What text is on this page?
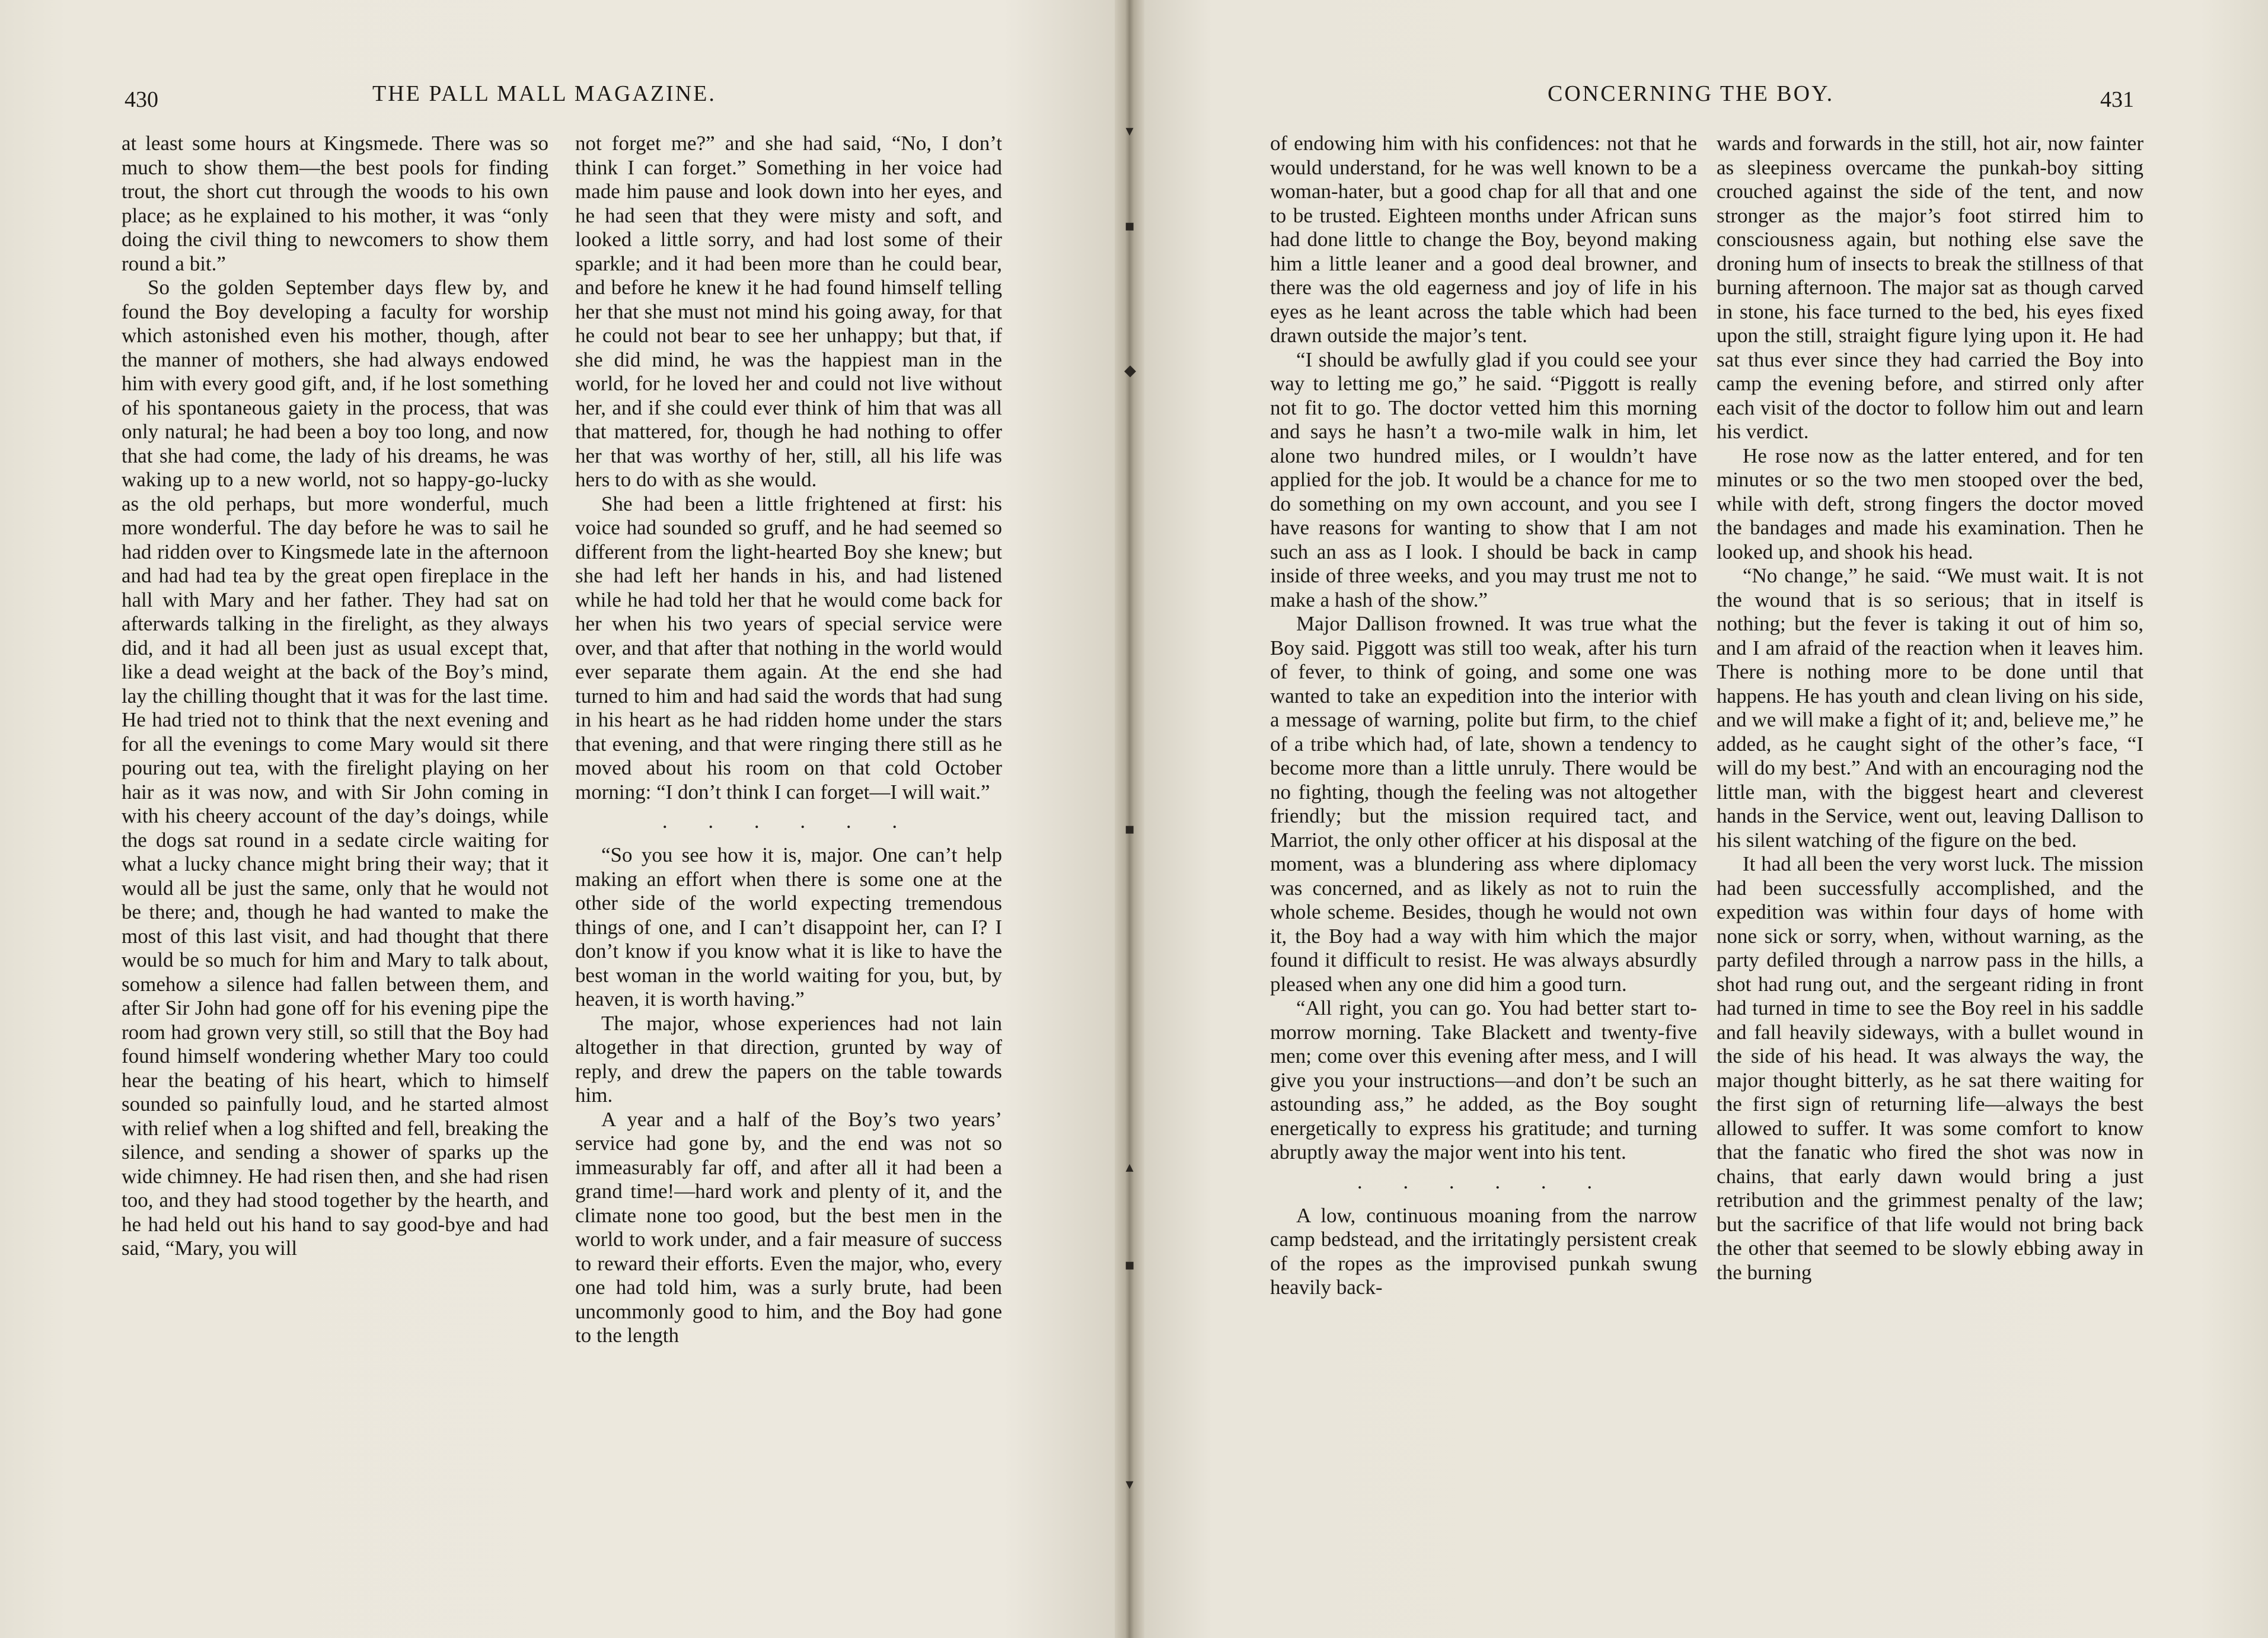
430	THE PALL MALL MAGAZINE.

at least some hours at Kingsmede. There was so much to show them—the best pools for finding trout, the short cut through the woods to his own place; as he explained to his mother, it was “only doing the civil thing to newcomers to show them round a bit.”

So the golden September days flew by, and found the Boy developing a faculty for worship which astonished even his mother, though, after the manner of mothers, she had always endowed him with every good gift, and, if he lost something of his spontaneous gaiety in the process, that was only natural; he had been a boy too long, and now that she had come, the lady of his dreams, he was waking up to a new world, not so happy-go-lucky as the old perhaps, but more wonderful, much more wonderful. The day before he was to sail he had ridden over to Kingsmede late in the afternoon and had had tea by the great open fireplace in the hall with Mary and her father. They had sat on afterwards talking in the firelight, as they always did, and it had all been just as usual except that, like a dead weight at the back of the Boy’s mind, lay the chilling thought that it was for the last time. He had tried not to think that the next evening and for all the evenings to come Mary would sit there pouring out tea, with the firelight playing on her hair as it was now, and with Sir John coming in with his cheery account of the day’s doings, while the dogs sat round in a sedate circle waiting for what a lucky chance might bring their way; that it would all be just the same, only that he would not be there; and, though he had wanted to make the most of this last visit, and had thought that there would be so much for him and Mary to talk about, somehow a silence had fallen between them, and after Sir John had gone off for his evening pipe the room had grown very still, so still that the Boy had found himself wondering whether Mary too could hear the beating of his heart, which to himself sounded so painfully loud, and he started almost with relief when a log shifted and fell, breaking the silence, and sending a shower of sparks up the wide chimney. He had risen then, and she had risen too, and they had stood together by the hearth, and he had held out his hand to say good-bye and had said, “Mary, you will

not forget me?” and she had said, “No, I don’t think I can forget.” Something in her voice had made him pause and look down into her eyes, and he had seen that they were misty and soft, and looked a little sorry, and had lost some of their sparkle; and it had been more than he could bear, and before he knew it he had found himself telling her that she must not mind his going away, for that he could not bear to see her unhappy; but that, if she did mind, he was the happiest man in the world, for he loved her and could not live without her, and if she could ever think of him that was all that mattered, for, though he had nothing to offer her that was worthy of her, still, all his life was hers to do with as she would.

She had been a little frightened at first: his voice had sounded so gruff, and he had seemed so different from the light-hearted Boy she knew; but she had left her hands in his, and had listened while he had told her that he would come back for her when his two years of special service were over, and that after that nothing in the world would ever separate them again. At the end she had turned to him and had said the words that had sung in his heart as he had ridden home under the stars that evening, and that were ringing there still as he moved about his room on that cold October morning: “I don’t think I can forget—I will wait.”

. . . . . .

“So you see how it is, major. One can’t help making an effort when there is some one at the other side of the world expecting tremendous things of one, and I can’t disappoint her, can I? I don’t know if you know what it is like to have the best woman in the world waiting for you, but, by heaven, it is worth having.”

The major, whose experiences had not lain altogether in that direction, grunted by way of reply, and drew the papers on the table towards him.

A year and a half of the Boy’s two years’ service had gone by, and the end was not so immeasurably far off, and after all it had been a grand time!—hard work and plenty of it, and the climate none too good, but the best men in the world to work under, and a fair measure of success to reward their efforts. Even the major, who, every one had told him, was a surly brute, had been uncommonly good to him, and the Boy had gone to the length

▾
▪
◆
▪
▴
▪
▾
CONCERNING THE BOY.	431

of endowing him with his confidences: not that he would understand, for he was well known to be a woman-hater, but a good chap for all that and one to be trusted. Eighteen months under African suns had done little to change the Boy, beyond making him a little leaner and a good deal browner, and there was the old eagerness and joy of life in his eyes as he leant across the table which had been drawn outside the major’s tent.

“I should be awfully glad if you could see your way to letting me go,” he said. “Piggott is really not fit to go. The doctor vetted him this morning and says he hasn’t a two-mile walk in him, let alone two hundred miles, or I wouldn’t have applied for the job. It would be a chance for me to do something on my own account, and you see I have reasons for wanting to show that I am not such an ass as I look. I should be back in camp inside of three weeks, and you may trust me not to make a hash of the show.”

Major Dallison frowned. It was true what the Boy said. Piggott was still too weak, after his turn of fever, to think of going, and some one was wanted to take an expedition into the interior with a message of warning, polite but firm, to the chief of a tribe which had, of late, shown a tendency to become more than a little unruly. There would be no fighting, though the feeling was not altogether friendly; but the mission required tact, and Marriot, the only other officer at his disposal at the moment, was a blundering ass where diplomacy was concerned, and as likely as not to ruin the whole scheme. Besides, though he would not own it, the Boy had a way with him which the major found it difficult to resist. He was always absurdly pleased when any one did him a good turn.

“All right, you can go. You had better start to-morrow morning. Take Blackett and twenty-five men; come over this evening after mess, and I will give you your instructions—and don’t be such an astounding ass,” he added, as the Boy sought energetically to express his gratitude; and turning abruptly away the major went into his tent.

. . . . . .

A low, continuous moaning from the narrow camp bedstead, and the irritatingly persistent creak of the ropes as the improvised punkah swung heavily back-

wards and forwards in the still, hot air, now fainter as sleepiness overcame the punkah-boy sitting crouched against the side of the tent, and now stronger as the major’s foot stirred him to consciousness again, but nothing else save the droning hum of insects to break the stillness of that burning afternoon. The major sat as though carved in stone, his face turned to the bed, his eyes fixed upon the still, straight figure lying upon it. He had sat thus ever since they had carried the Boy into camp the evening before, and stirred only after each visit of the doctor to follow him out and learn his verdict.

He rose now as the latter entered, and for ten minutes or so the two men stooped over the bed, while with deft, strong fingers the doctor moved the bandages and made his examination. Then he looked up, and shook his head.

“No change,” he said. “We must wait. It is not the wound that is so serious; that in itself is nothing; but the fever is taking it out of him so, and I am afraid of the reaction when it leaves him. There is nothing more to be done until that happens. He has youth and clean living on his side, and we will make a fight of it; and, believe me,” he added, as he caught sight of the other’s face, “I will do my best.” And with an encouraging nod the little man, with the biggest heart and cleverest hands in the Service, went out, leaving Dallison to his silent watching of the figure on the bed.

It had all been the very worst luck. The mission had been successfully accomplished, and the expedition was within four days of home with none sick or sorry, when, without warning, as the party defiled through a narrow pass in the hills, a shot had rung out, and the sergeant riding in front had turned in time to see the Boy reel in his saddle and fall heavily sideways, with a bullet wound in the side of his head. It was always the way, the major thought bitterly, as he sat there waiting for the first sign of returning life—always the best allowed to suffer. It was some comfort to know that the fanatic who fired the shot was now in chains, that early dawn would bring a just retribution and the grimmest penalty of the law; but the sacrifice of that life would not bring back the other that seemed to be slowly ebbing away in the burning
